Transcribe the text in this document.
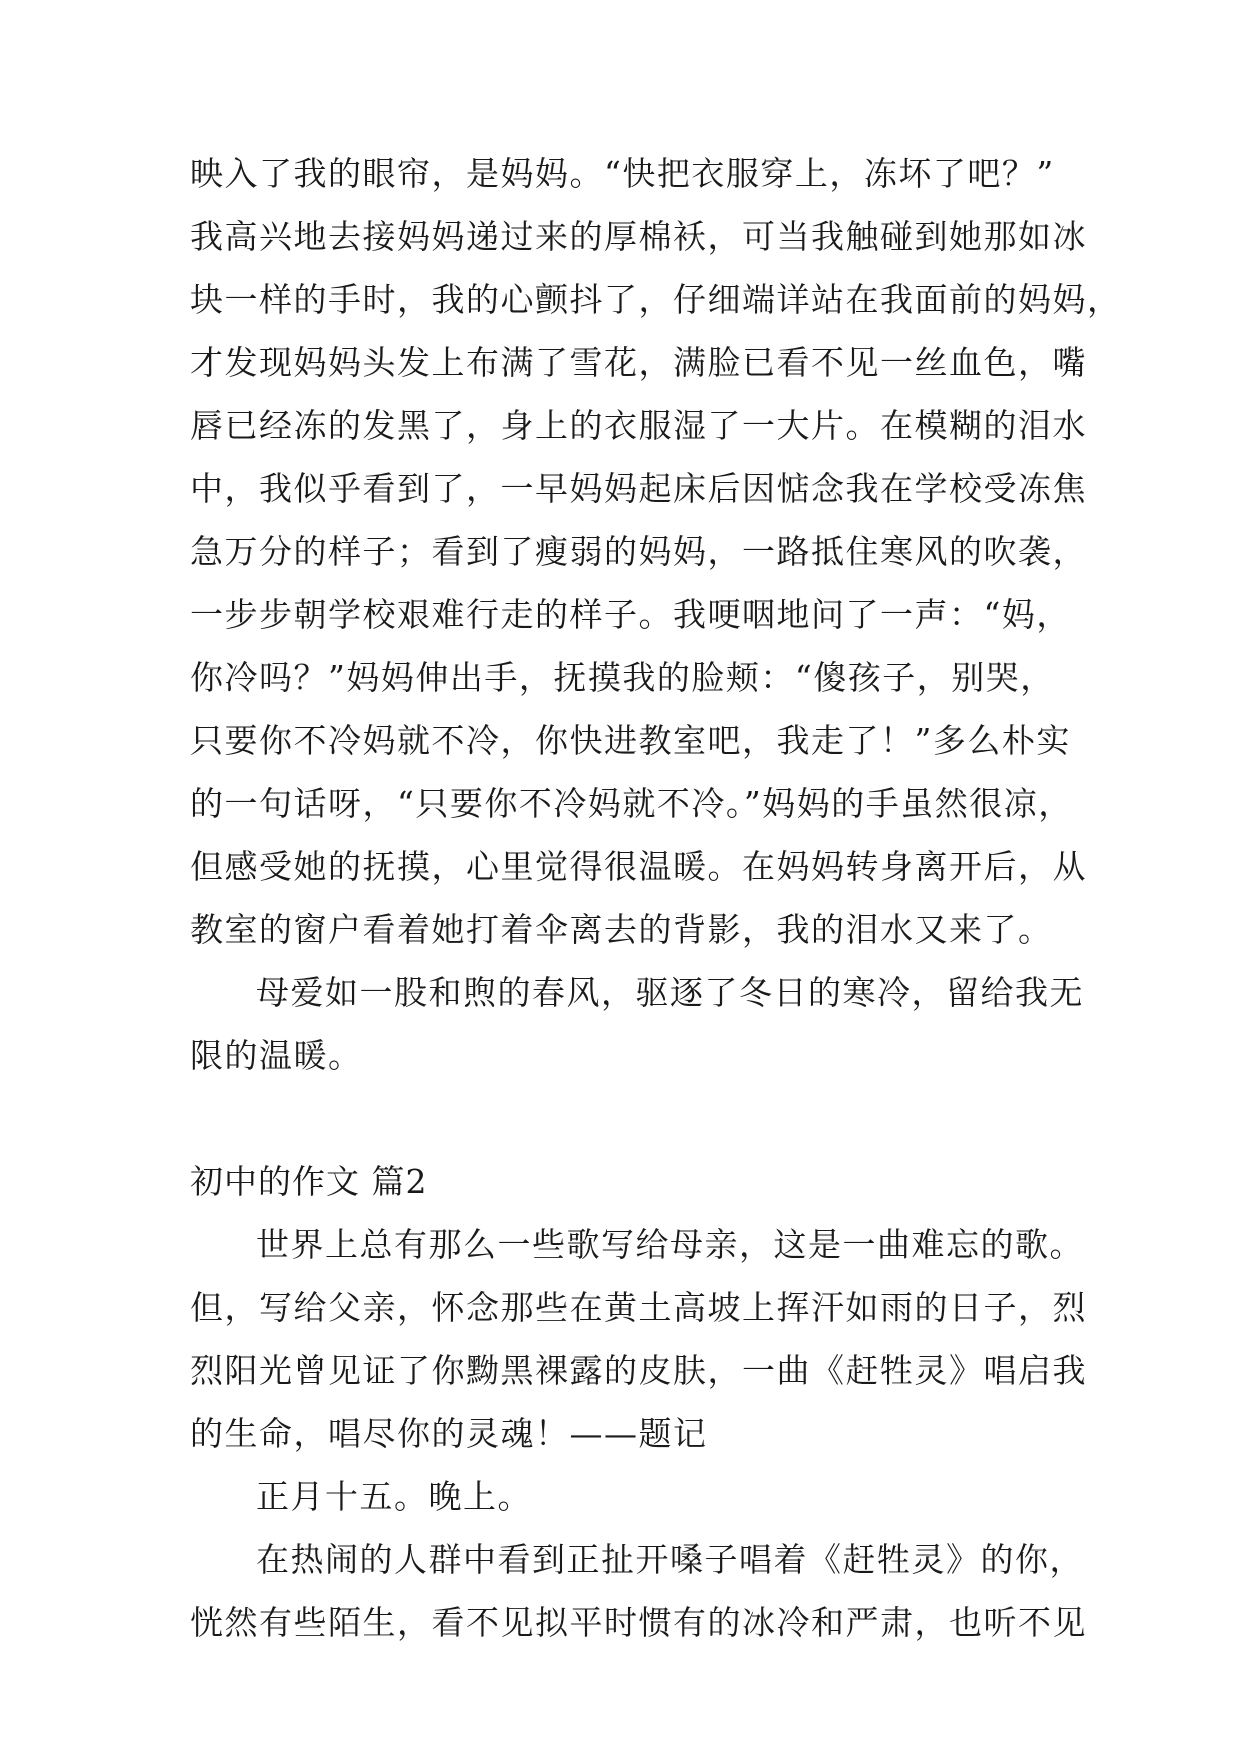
映入了我的眼帘，是妈妈。“快把衣服穿上，冻坏了吧？”
我高兴地去接妈妈递过来的厚棉袄，可当我触碰到她那如冰
块一样的手时，我的心颤抖了，仔细端详站在我面前的妈妈，
才发现妈妈头发上布满了雪花，满脸已看不见一丝血色，嘴
唇已经冻的发黑了，身上的衣服湿了一大片。在模糊的泪水
中，我似乎看到了，一早妈妈起床后因惦念我在学校受冻焦
急万分的样子；看到了瘦弱的妈妈，一路抵住寒风的吹袭，
一步步朝学校艰难行走的样子。我哽咽地问了一声：“妈，
你冷吗？”妈妈伸出手，抚摸我的脸颊：“傻孩子，别哭，
只要你不冷妈就不冷，你快进教室吧，我走了！”多么朴实
的一句话呀，“只要你不冷妈就不冷。”妈妈的手虽然很凉，
但感受她的抚摸，心里觉得很温暖。在妈妈转身离开后，从
教室的窗户看着她打着伞离去的背影，我的泪水又来了。
母爱如一股和煦的春风，驱逐了冬日的寒冷，留给我无
限的温暖。
初中的作文 篇2
世界上总有那么一些歌写给母亲，这是一曲难忘的歌。
但，写给父亲，怀念那些在黄土高坡上挥汗如雨的日子，烈
烈阳光曾见证了你黝黑裸露的皮肤，一曲《赶牲灵》唱启我
的生命，唱尽你的灵魂！——题记
正月十五。晚上。
在热闹的人群中看到正扯开嗓子唱着《赶牲灵》的你，
恍然有些陌生，看不见拟平时惯有的冰冷和严肃，也听不见
